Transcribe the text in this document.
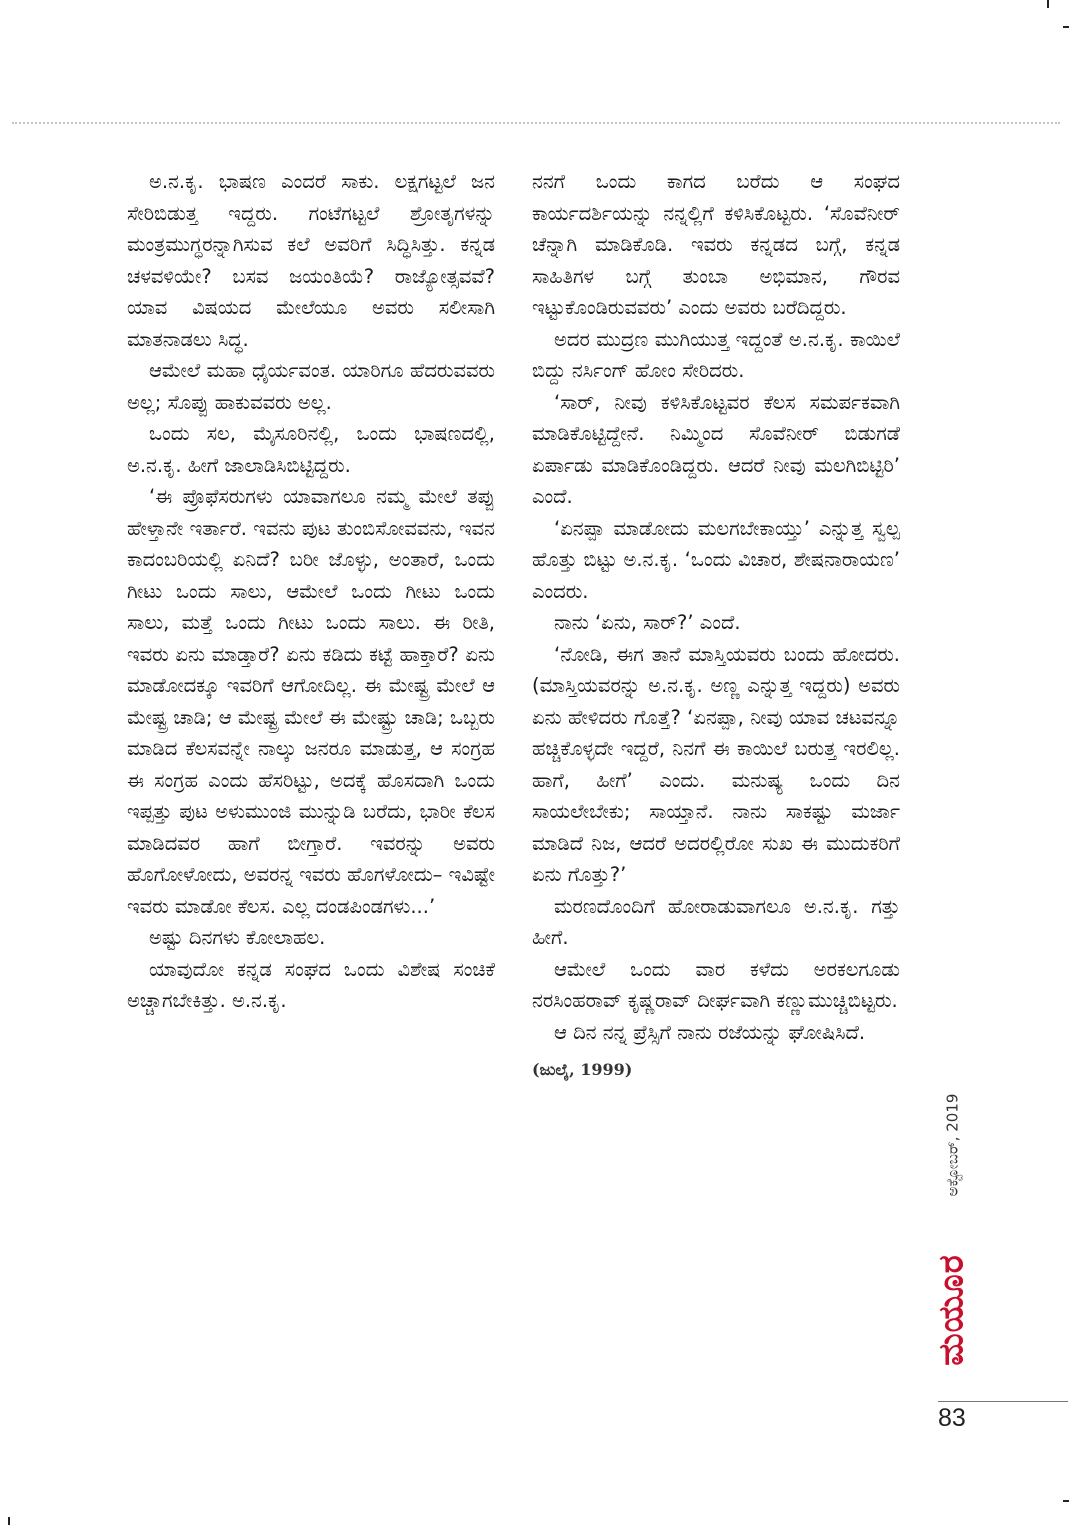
ಅ.ನ.ಕೃ. ಭಾಷಣ ಎಂದರೆ ಸಾಕು. ಲಕ್ಷಗಟ್ಟಲೆ ಜನ ಸೇರಿಬಿಡುತ್ತ ಇದ್ದರು. ಗಂಟೆಗಟ್ಟಲೆ ಶ್ರೋತೃಗಳನ್ನು ಮಂತ್ರಮುಗ್ಧರನ್ನಾಗಿಸುವ ಕಲೆ ಅವರಿಗೆ ಸಿದ್ಧಿಸಿತ್ತು. ಕನ್ನಡ ಚಳವಳಿಯೇ? ಬಸವ ಜಯಂತಿಯೆ? ರಾಜ್ಯೋತ್ಸವವೆ? ಯಾವ ವಿಷಯದ ಮೇಲೆಯೂ ಅವರು ಸಲೀಸಾಗಿ ಮಾತನಾಡಲು ಸಿದ್ಧ.

ಆಮೇಲೆ ಮಹಾ ಧೈರ್ಯವಂತ. ಯಾರಿಗೂ ಹೆದರುವವರು ಅಲ್ಲ; ಸೊಪ್ಪು ಹಾಕುವವರು ಅಲ್ಲ.

ಒಂದು ಸಲ, ಮೈಸೂರಿನಲ್ಲಿ, ಒಂದು ಭಾಷಣದಲ್ಲಿ, ಅ.ನ.ಕೃ. ಹೀಗೆ ಜಾಲಾಡಿಸಿಬಿಟ್ಟಿದ್ದರು.

‘ಈ ಪ್ರೊಫೆಸರುಗಳು ಯಾವಾಗಲೂ ನಮ್ಮ ಮೇಲೆ ತಪ್ಪು ಹೇಳ್ತಾನೇ ಇರ್ತಾರೆ. ಇವನು ಪುಟ ತುಂಬಿಸೋವವನು, ಇವನ ಕಾದಂಬರಿಯಲ್ಲಿ ಏನಿದೆ? ಬರೀ ಜೊಳ್ಳು, ಅಂತಾರೆ, ಒಂದು ಗೀಟು ಒಂದು ಸಾಲು, ಆಮೇಲೆ ಒಂದು ಗೀಟು ಒಂದು ಸಾಲು, ಮತ್ತೆ ಒಂದು ಗೀಟು ಒಂದು ಸಾಲು. ಈ ರೀತಿ, ಇವರು ಏನು ಮಾಡ್ತಾರೆ? ಏನು ಕಡಿದು ಕಟ್ಟೆ ಹಾಕ್ತಾರೆ? ಏನು ಮಾಡೋದಕ್ಕೂ ಇವರಿಗೆ ಆಗೋದಿಲ್ಲ. ಈ ಮೇಷ್ಟ್ರ ಮೇಲೆ ಆ ಮೇಷ್ಟ್ರ ಚಾಡಿ; ಆ ಮೇಷ್ಟ್ರ ಮೇಲೆ ಈ ಮೇಷ್ಟ್ರು ಚಾಡಿ; ಒಬ್ಬರು ಮಾಡಿದ ಕೆಲಸವನ್ನೇ ನಾಲ್ಕು ಜನರೂ ಮಾಡುತ್ತ, ಆ ಸಂಗ್ರಹ ಈ ಸಂಗ್ರಹ ಎಂದು ಹೆಸರಿಟ್ಟು, ಅದಕ್ಕೆ ಹೊಸದಾಗಿ ಒಂದು ಇಪ್ಪತ್ತು ಪುಟ ಅಳುಮುಂಜಿ ಮುನ್ನುಡಿ ಬರೆದು, ಭಾರೀ ಕೆಲಸ ಮಾಡಿದವರ ಹಾಗೆ ಬೀಗ್ತಾರೆ. ಇವರನ್ನು ಅವರು ಹೊಗೋಳೋದು, ಅವರನ್ನ ಇವರು ಹೊಗಳೋದು– ಇವಿಷ್ಟೇ ಇವರು ಮಾಡೋ ಕೆಲಸ. ಎಲ್ಲ ದಂಡಪಿಂಡಗಳು...’

ಅಷ್ಟು ದಿನಗಳು ಕೋಲಾಹಲ.

ಯಾವುದೋ ಕನ್ನಡ ಸಂಘದ ಒಂದು ವಿಶೇಷ ಸಂಚಿಕೆ ಅಚ್ಚಾಗಬೇಕಿತ್ತು. ಅ.ನ.ಕೃ.

ನನಗೆ ಒಂದು ಕಾಗದ ಬರೆದು ಆ ಸಂಘದ ಕಾರ್ಯದರ್ಶಿಯನ್ನು ನನ್ನಲ್ಲಿಗೆ ಕಳಿಸಿಕೊಟ್ಟರು. ‘ಸೊವೆನೀರ್ ಚೆನ್ನಾಗಿ ಮಾಡಿಕೊಡಿ. ಇವರು ಕನ್ನಡದ ಬಗ್ಗೆ, ಕನ್ನಡ ಸಾಹಿತಿಗಳ ಬಗ್ಗೆ ತುಂಬಾ ಅಭಿಮಾನ, ಗೌರವ ಇಟ್ಟುಕೊಂಡಿರುವವರು’ ಎಂದು ಅವರು ಬರೆದಿದ್ದರು.

ಅದರ ಮುದ್ರಣ ಮುಗಿಯುತ್ತ ಇದ್ದಂತೆ ಅ.ನ.ಕೃ. ಕಾಯಿಲೆ ಬಿದ್ದು ನರ್ಸಿಂಗ್ ಹೋಂ ಸೇರಿದರು.

‘ಸಾರ್, ನೀವು ಕಳಿಸಿಕೊಟ್ಟವರ ಕೆಲಸ ಸಮರ್ಪಕವಾಗಿ ಮಾಡಿಕೊಟ್ಟಿದ್ದೇನೆ. ನಿಮ್ಮಿಂದ ಸೊವೆನೀರ್ ಬಿಡುಗಡೆ ಏರ್ಪಾಡು ಮಾಡಿಕೊಂಡಿದ್ದರು. ಆದರೆ ನೀವು ಮಲಗಿಬಿಟ್ಟಿರಿ’ ಎಂದೆ.

‘ಏನಪ್ಪಾ ಮಾಡೋದು ಮಲಗಬೇಕಾಯ್ತು’ ಎನ್ನುತ್ತ ಸ್ವಲ್ಪ ಹೊತ್ತು ಬಿಟ್ಟು ಅ.ನ.ಕೃ. ‘ಒಂದು ವಿಚಾರ, ಶೇಷನಾರಾಯಣ’ ಎಂದರು.

ನಾನು ‘ಏನು, ಸಾರ್?’ ಎಂದೆ.

‘ನೋಡಿ, ಈಗ ತಾನೆ ಮಾಸ್ತಿಯವರು ಬಂದು ಹೋದರು. (ಮಾಸ್ತಿಯವರನ್ನು ಅ.ನ.ಕೃ. ಅಣ್ಣ ಎನ್ನುತ್ತ ಇದ್ದರು) ಅವರು ಏನು ಹೇಳಿದರು ಗೊತ್ತೆ? ‘ಏನಪ್ಪಾ, ನೀವು ಯಾವ ಚಟವನ್ನೂ ಹಚ್ಚಿಕೊಳ್ಳದೇ ಇದ್ದರೆ, ನಿನಗೆ ಈ ಕಾಯಿಲೆ ಬರುತ್ತ ಇರಲಿಲ್ಲ. ಹಾಗೆ, ಹೀಗೆ’ ಎಂದು. ಮನುಷ್ಯ ಒಂದು ದಿನ ಸಾಯಲೇಬೇಕು; ಸಾಯ್ತಾನೆ. ನಾನು ಸಾಕಷ್ಟು ಮರ್ಜಾ ಮಾಡಿದೆ ನಿಜ, ಆದರೆ ಅದರಲ್ಲಿರೋ ಸುಖ ಈ ಮುದುಕರಿಗೆ ಏನು ಗೊತ್ತು?’

ಮರಣದೊಂದಿಗೆ ಹೋರಾಡುವಾಗಲೂ ಅ.ನ.ಕೃ. ಗತ್ತು ಹೀಗೆ.

ಆಮೇಲೆ ಒಂದು ವಾರ ಕಳೆದು ಅರಕಲಗೂಡು ನರಸಿಂಹರಾವ್ ಕೃಷ್ಣರಾವ್ ದೀರ್ಘವಾಗಿ ಕಣ್ಣುಮುಚ್ಚಿಬಿಟ್ಟರು.

ಆ ದಿನ ನನ್ನ ಪ್ರೆಸ್ಸಿಗೆ ನಾನು ರಜೆಯನ್ನು ಘೋಷಿಸಿದೆ.

(ಜುಲೈ, 1999)

ಅಕ್ಟೋಬರ್, 2019
ಮಯೂರ
83
